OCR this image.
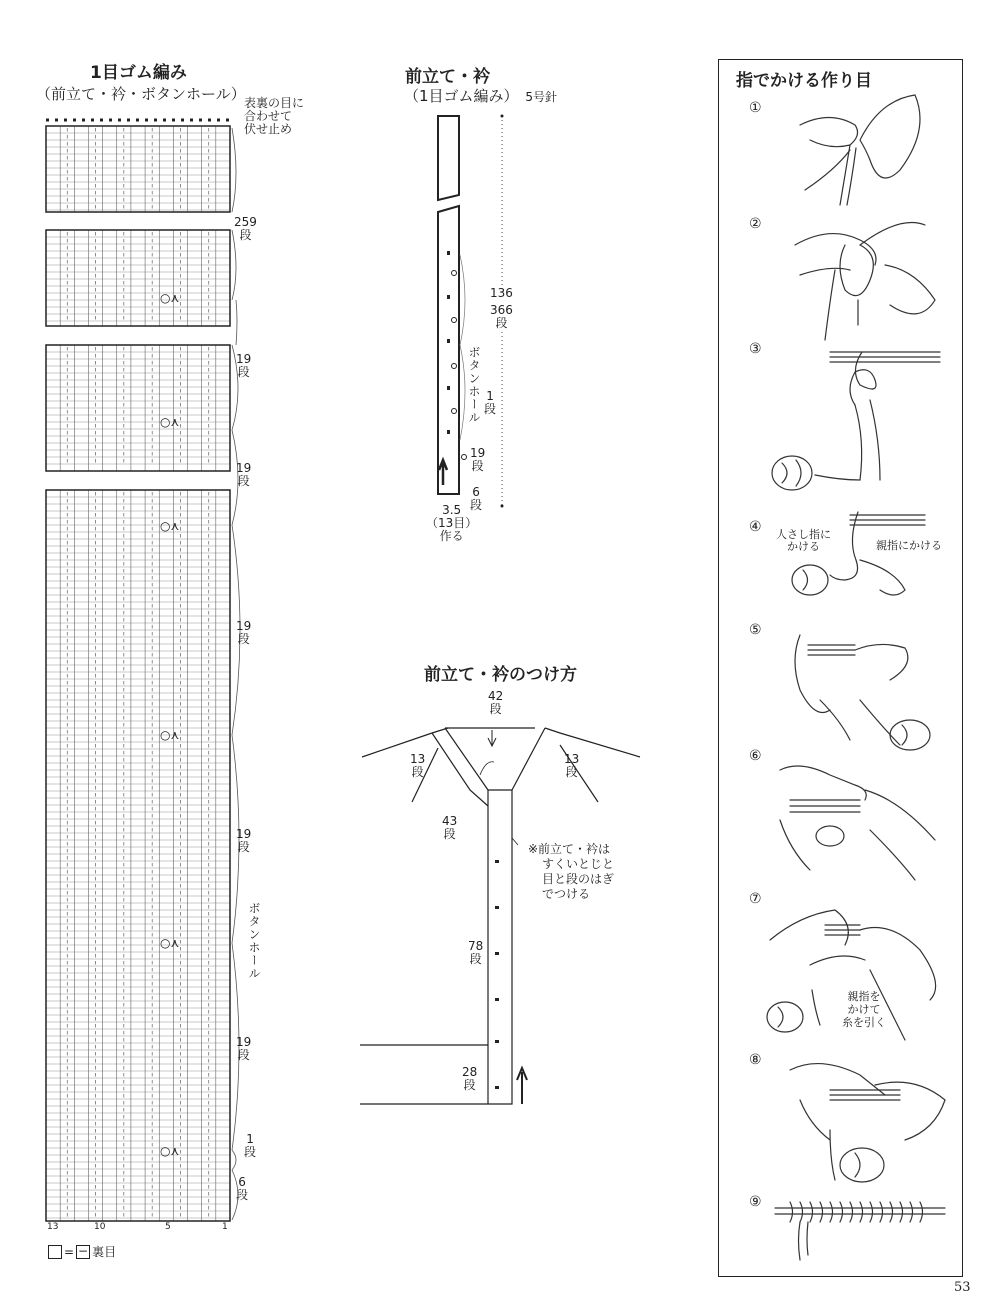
1目ゴム編み
（前立て・衿・ボタンホール）
表裏の目に
合わせて
伏せ止め
○⋏
○⋏
○⋏
○⋏
○⋏
○⋏
259
段
19
段
19
段
19
段
19
段
ボタンホール
19
段
1
段
6
段
13	10	5	1
= − 裏目
前立て・衿
（1目ゴム編み） 5号針
136
366
段
ボタンホール 1
段
19
段
6
段
3.5
（13目）
作る
前立て・衿のつけ方
42
段
13
段
13
段
43
段
78
段
28
段
※前立て・衿は
すくいとじと
目と段のはぎ
でつける
指でかける作り目
①
②
③
④
⑤
⑥
⑦
⑧
⑨
人さし指に
かける	親指にかける
親指を
かけて
糸を引く
53
